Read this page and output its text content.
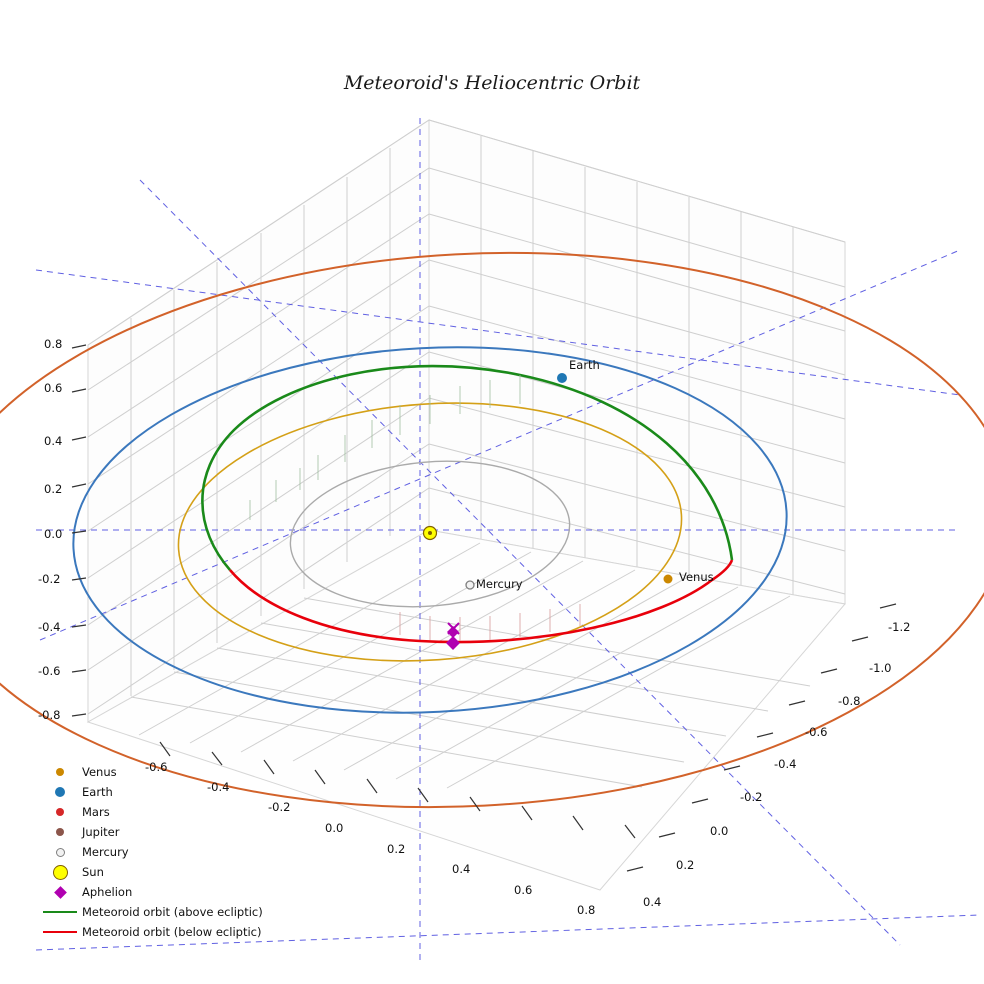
Meteoroid's Heliocentric Orbit
0.8
0.6
0.4
0.2
0.0
-0.2
-0.4
-0.6
-0.8
-0.6
-0.4
-0.2
0.0
0.2
0.4
0.6
0.8
-1.2
-1.0
-0.8
-0.6
-0.4
-0.2
0.0
0.2
0.4
Earth
Venus
Mercury
Venus
Earth
Mars
Jupiter
Mercury
Sun
Aphelion
Meteoroid orbit (above ecliptic)
Meteoroid orbit (below ecliptic)
